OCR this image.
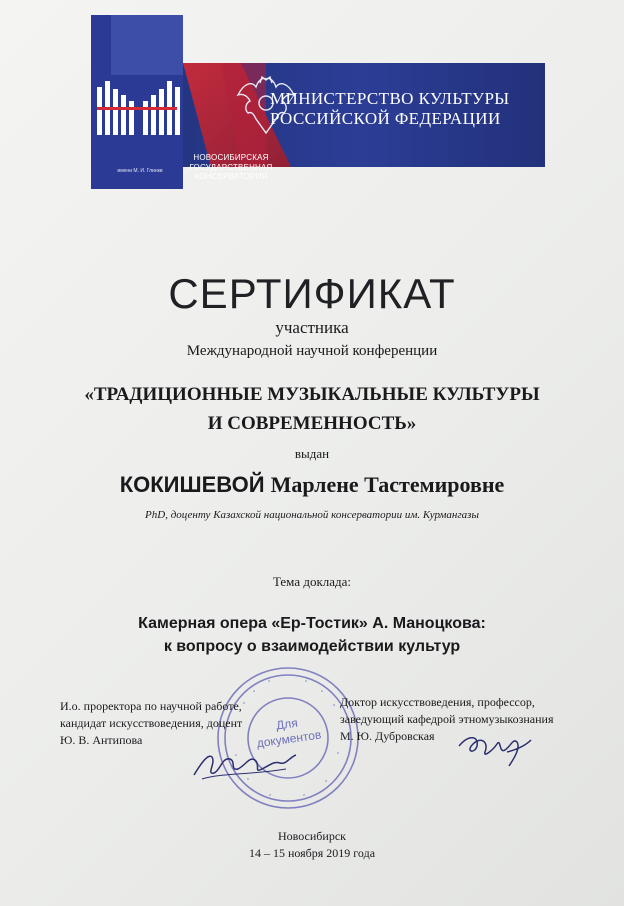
НОВОСИБИРСКАЯ
ГОСУДАРСТВЕННАЯ
КОНСЕРВАТОРИЯ
имени М. И. Глинки
МИНИСТЕРСТВО КУЛЬТУРЫ
РОССИЙСКОЙ ФЕДЕРАЦИИ
СЕРТИФИКАТ
участника
Международной научной конференции
«ТРАДИЦИОННЫЕ МУЗЫКАЛЬНЫЕ КУЛЬТУРЫ
И СОВРЕМЕННОСТЬ»
выдан
КОКИШЕВОЙ Марлене Тастемировне
PhD, доценту Казахской национальной консерватории им. Курмангазы
Тема доклада:
Камерная опера «Ер-Тостик» А. Маноцкова:
к вопросу о взаимодействии культур
Для
документов
И.о. проректора по научной работе,
кандидат искусствоведения, доцент
Ю. В. Антипова
Доктор искусствоведения, профессор,
заведующий кафедрой этномузыкознания
М. Ю. Дубровская
Новосибирск
14 – 15 ноября 2019 года
